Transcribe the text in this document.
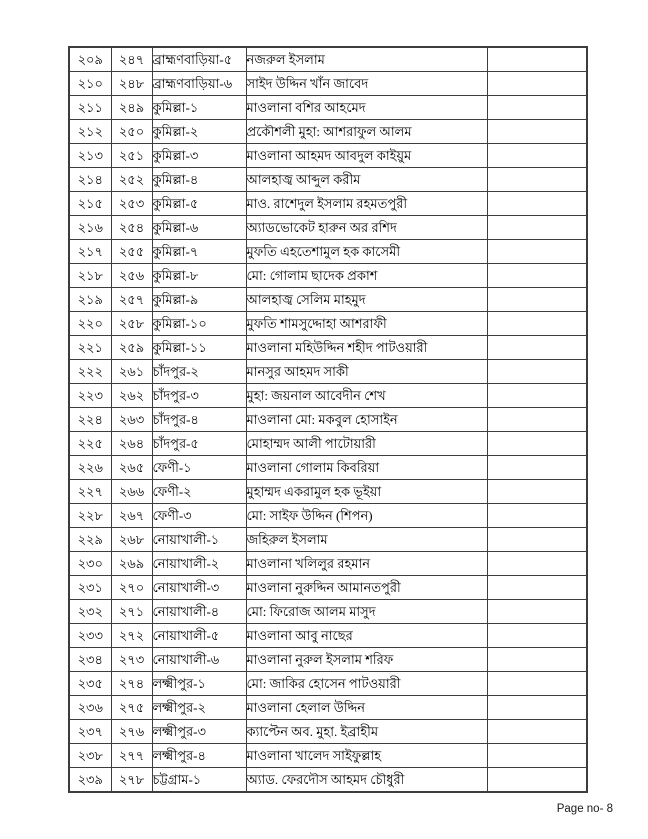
২০৯	২৪৭	ব্রাহ্মণবাড়িয়া-৫	নজরুল ইসলাম	
২১০	২৪৮	ব্রাহ্মণবাড়িয়া-৬	সাইদ উদ্দিন খাঁন জাবেদ	
২১১	২৪৯	কুমিল্লা-১	মাওলানা বশির আহমেদ	
২১২	২৫০	কুমিল্লা-২	প্রকৌশলী মুহা: আশরাফুল আলম	
২১৩	২৫১	কুমিল্লা-৩	মাওলানা আহমদ আবদুল কাইয়ুম	
২১৪	২৫২	কুমিল্লা-৪	আলহাজ্ব আব্দুল করীম	
২১৫	২৫৩	কুমিল্লা-৫	মাও. রাশেদুল ইসলাম রহমতপুরী	
২১৬	২৫৪	কুমিল্লা-৬	অ্যাডভোকেট হারুন অর রশিদ	
২১৭	২৫৫	কুমিল্লা-৭	মুফতি এহতেশামুল হক কাসেমী	
২১৮	২৫৬	কুমিল্লা-৮	মো: গোলাম ছাদেক প্রকাশ	
২১৯	২৫৭	কুমিল্লা-৯	আলহাজ্ব সেলিম মাহমুদ	
২২০	২৫৮	কুমিল্লা-১০	মুফতি শামসুদ্দোহা আশরাফী	
২২১	২৫৯	কুমিল্লা-১১	মাওলানা মহিউদ্দিন শহীদ পাটওয়ারী	
২২২	২৬১	চাঁদপুর-২	মানসুর আহমদ সাকী	
২২৩	২৬২	চাঁদপুর-৩	মুহা: জয়নাল আবেদীন শেখ	
২২৪	২৬৩	চাঁদপুর-৪	মাওলানা মো: মকবুল হোসাইন	
২২৫	২৬৪	চাঁদপুর-৫	মোহাম্মদ আলী পাটোয়ারী	
২২৬	২৬৫	ফেণী-১	মাওলানা গোলাম কিবরিয়া	
২২৭	২৬৬	ফেণী-২	মুহাম্মদ একরামুল হক ভূইয়া	
২২৮	২৬৭	ফেণী-৩	মো: সাইফ উদ্দিন (শিপন)	
২২৯	২৬৮	নোয়াখালী-১	জহিরুল ইসলাম	
২৩০	২৬৯	নোয়াখালী-২	মাওলানা খলিলুর রহমান	
২৩১	২৭০	নোয়াখালী-৩	মাওলানা নুরুদ্দিন আমানতপুরী	
২৩২	২৭১	নোয়াখালী-৪	মো: ফিরোজ আলম মাসুদ	
২৩৩	২৭২	নোয়াখালী-৫	মাওলানা আবু নাছের	
২৩৪	২৭৩	নোয়াখালী-৬	মাওলানা নুরুল ইসলাম শরিফ	
২৩৫	২৭৪	লক্ষ্মীপুর-১	মো: জাকির হোসেন পাটওয়ারী	
২৩৬	২৭৫	লক্ষ্মীপুর-২	মাওলানা হেলাল উদ্দিন	
২৩৭	২৭৬	লক্ষ্মীপুর-৩	ক্যাপ্টেন অব. মুহা. ইব্রাহীম	
২৩৮	২৭৭	লক্ষ্মীপুর-৪	মাওলানা খালেদ সাইফুল্লাহ	
২৩৯	২৭৮	চট্টগ্রাম-১	অ্যাড. ফেরদৌস আহমদ চৌধুরী	
Page no- 8
